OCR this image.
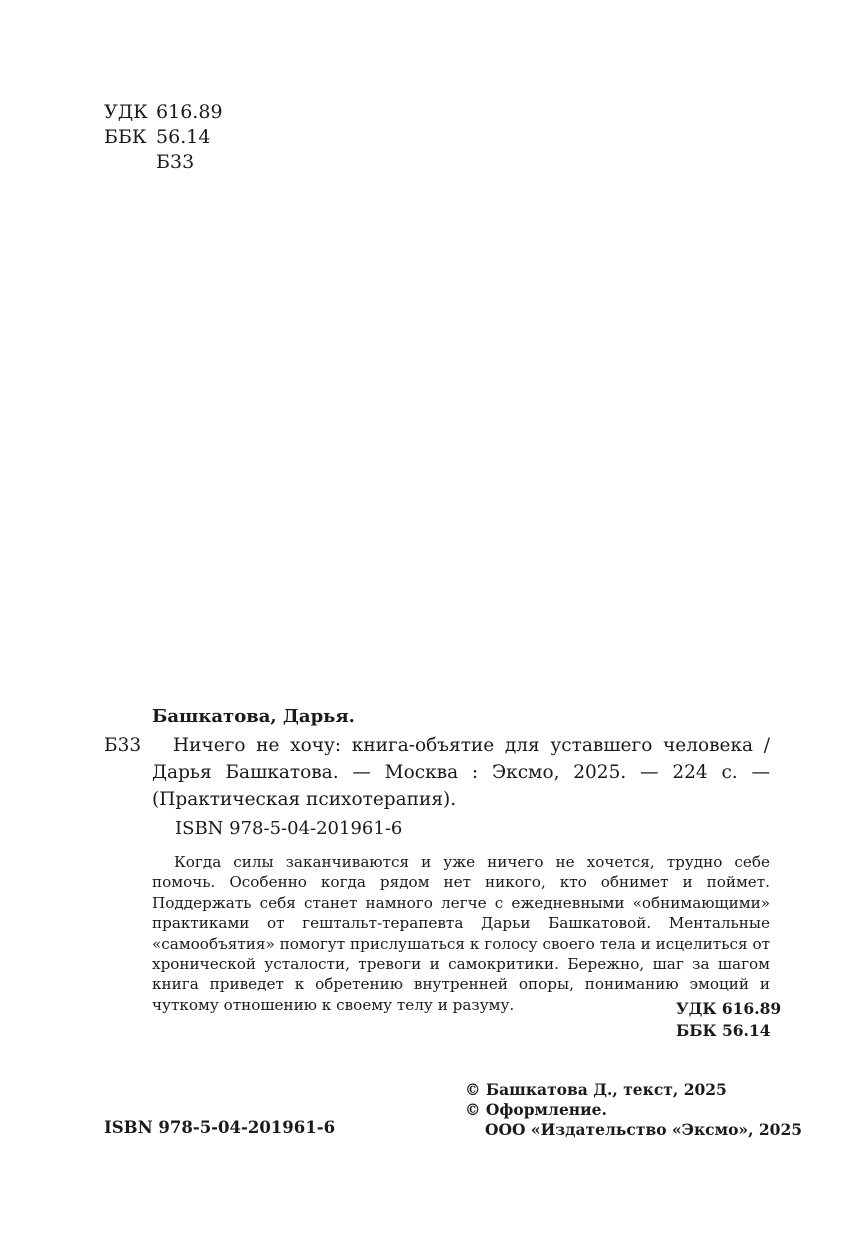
УДК 616.89
ББК 56.14
Б33
Башкатова, Дарья.
Б33	Ничего не хочу: книга-объятие для уставшего человека / Дарья Башкатова. — Москва : Эксмо, 2025. — 224 с. — (Практическая психотерапия).
ISBN 978-5-04-201961-6
Когда силы заканчиваются и уже ничего не хочется, трудно себе помочь. Особенно когда рядом нет никого, кто обнимет и поймет. Поддержать себя станет намного легче с ежедневными «обнимающими» практиками от гештальт-терапевта Дарьи Башкатовой. Ментальные «самообъятия» помогут прислушаться к голосу своего тела и исцелиться от хронической усталости, тревоги и самокритики. Бережно, шаг за шагом книга приведет к обретению внутренней опоры, пониманию эмоций и чуткому отношению к своему телу и разуму.	УДК 616.89
ББК 56.14
© Башкатова Д., текст, 2025
© Оформление.
ООО «Издательство «Эксмо», 2025
ISBN 978-5-04-201961-6
